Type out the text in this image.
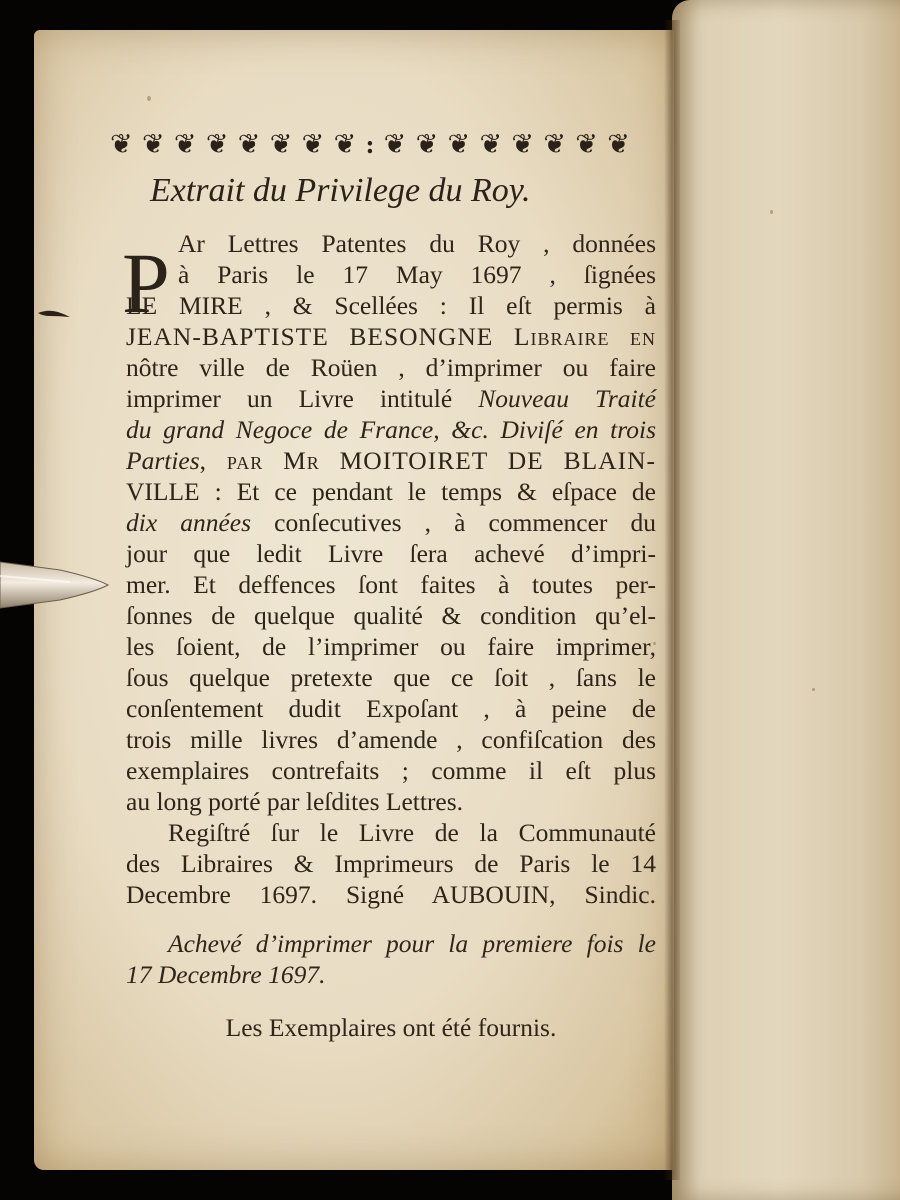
❦ ❦ ❦ ❦ ❦ ❦ ❦ ❦ : ❦ ❦ ❦ ❦ ❦ ❦ ❦ ❦
Extrait du Privilege du Roy.
P Ar Lettres Patentes du Roy , données
à Paris le 17 May 1697 , ſignées
LE MIRE , & Scellées : Il eſt permis à
JEAN-BAPTISTE BESONGNE Libraire en
nôtre ville de Roüen , d’imprimer ou faire
imprimer un Livre intitulé Nouveau Traité
du grand Negoce de France, &c. Diviſé en trois
Parties, par Mr MOITOIRET DE BLAIN-
VILLE : Et ce pendant le temps & eſpace de
dix années conſecutives , à commencer du
jour que ledit Livre ſera achevé d’impri-
mer. Et deffences ſont faites à toutes per-
ſonnes de quelque qualité & condition qu’el-
les ſoient, de l’imprimer ou faire imprimer,
ſous quelque pretexte que ce ſoit , ſans le
conſentement dudit Expoſant , à peine de
trois mille livres d’amende , confiſcation des
exemplaires contrefaits ; comme il eſt plus
au long porté par leſdites Lettres.
Regiſtré ſur le Livre de la Communauté
des Libraires & Imprimeurs de Paris le 14
Decembre 1697. Signé AUBOUIN, Sindic.
Achevé d’imprimer pour la premiere fois le
17 Decembre 1697.
Les Exemplaires ont été fournis.
